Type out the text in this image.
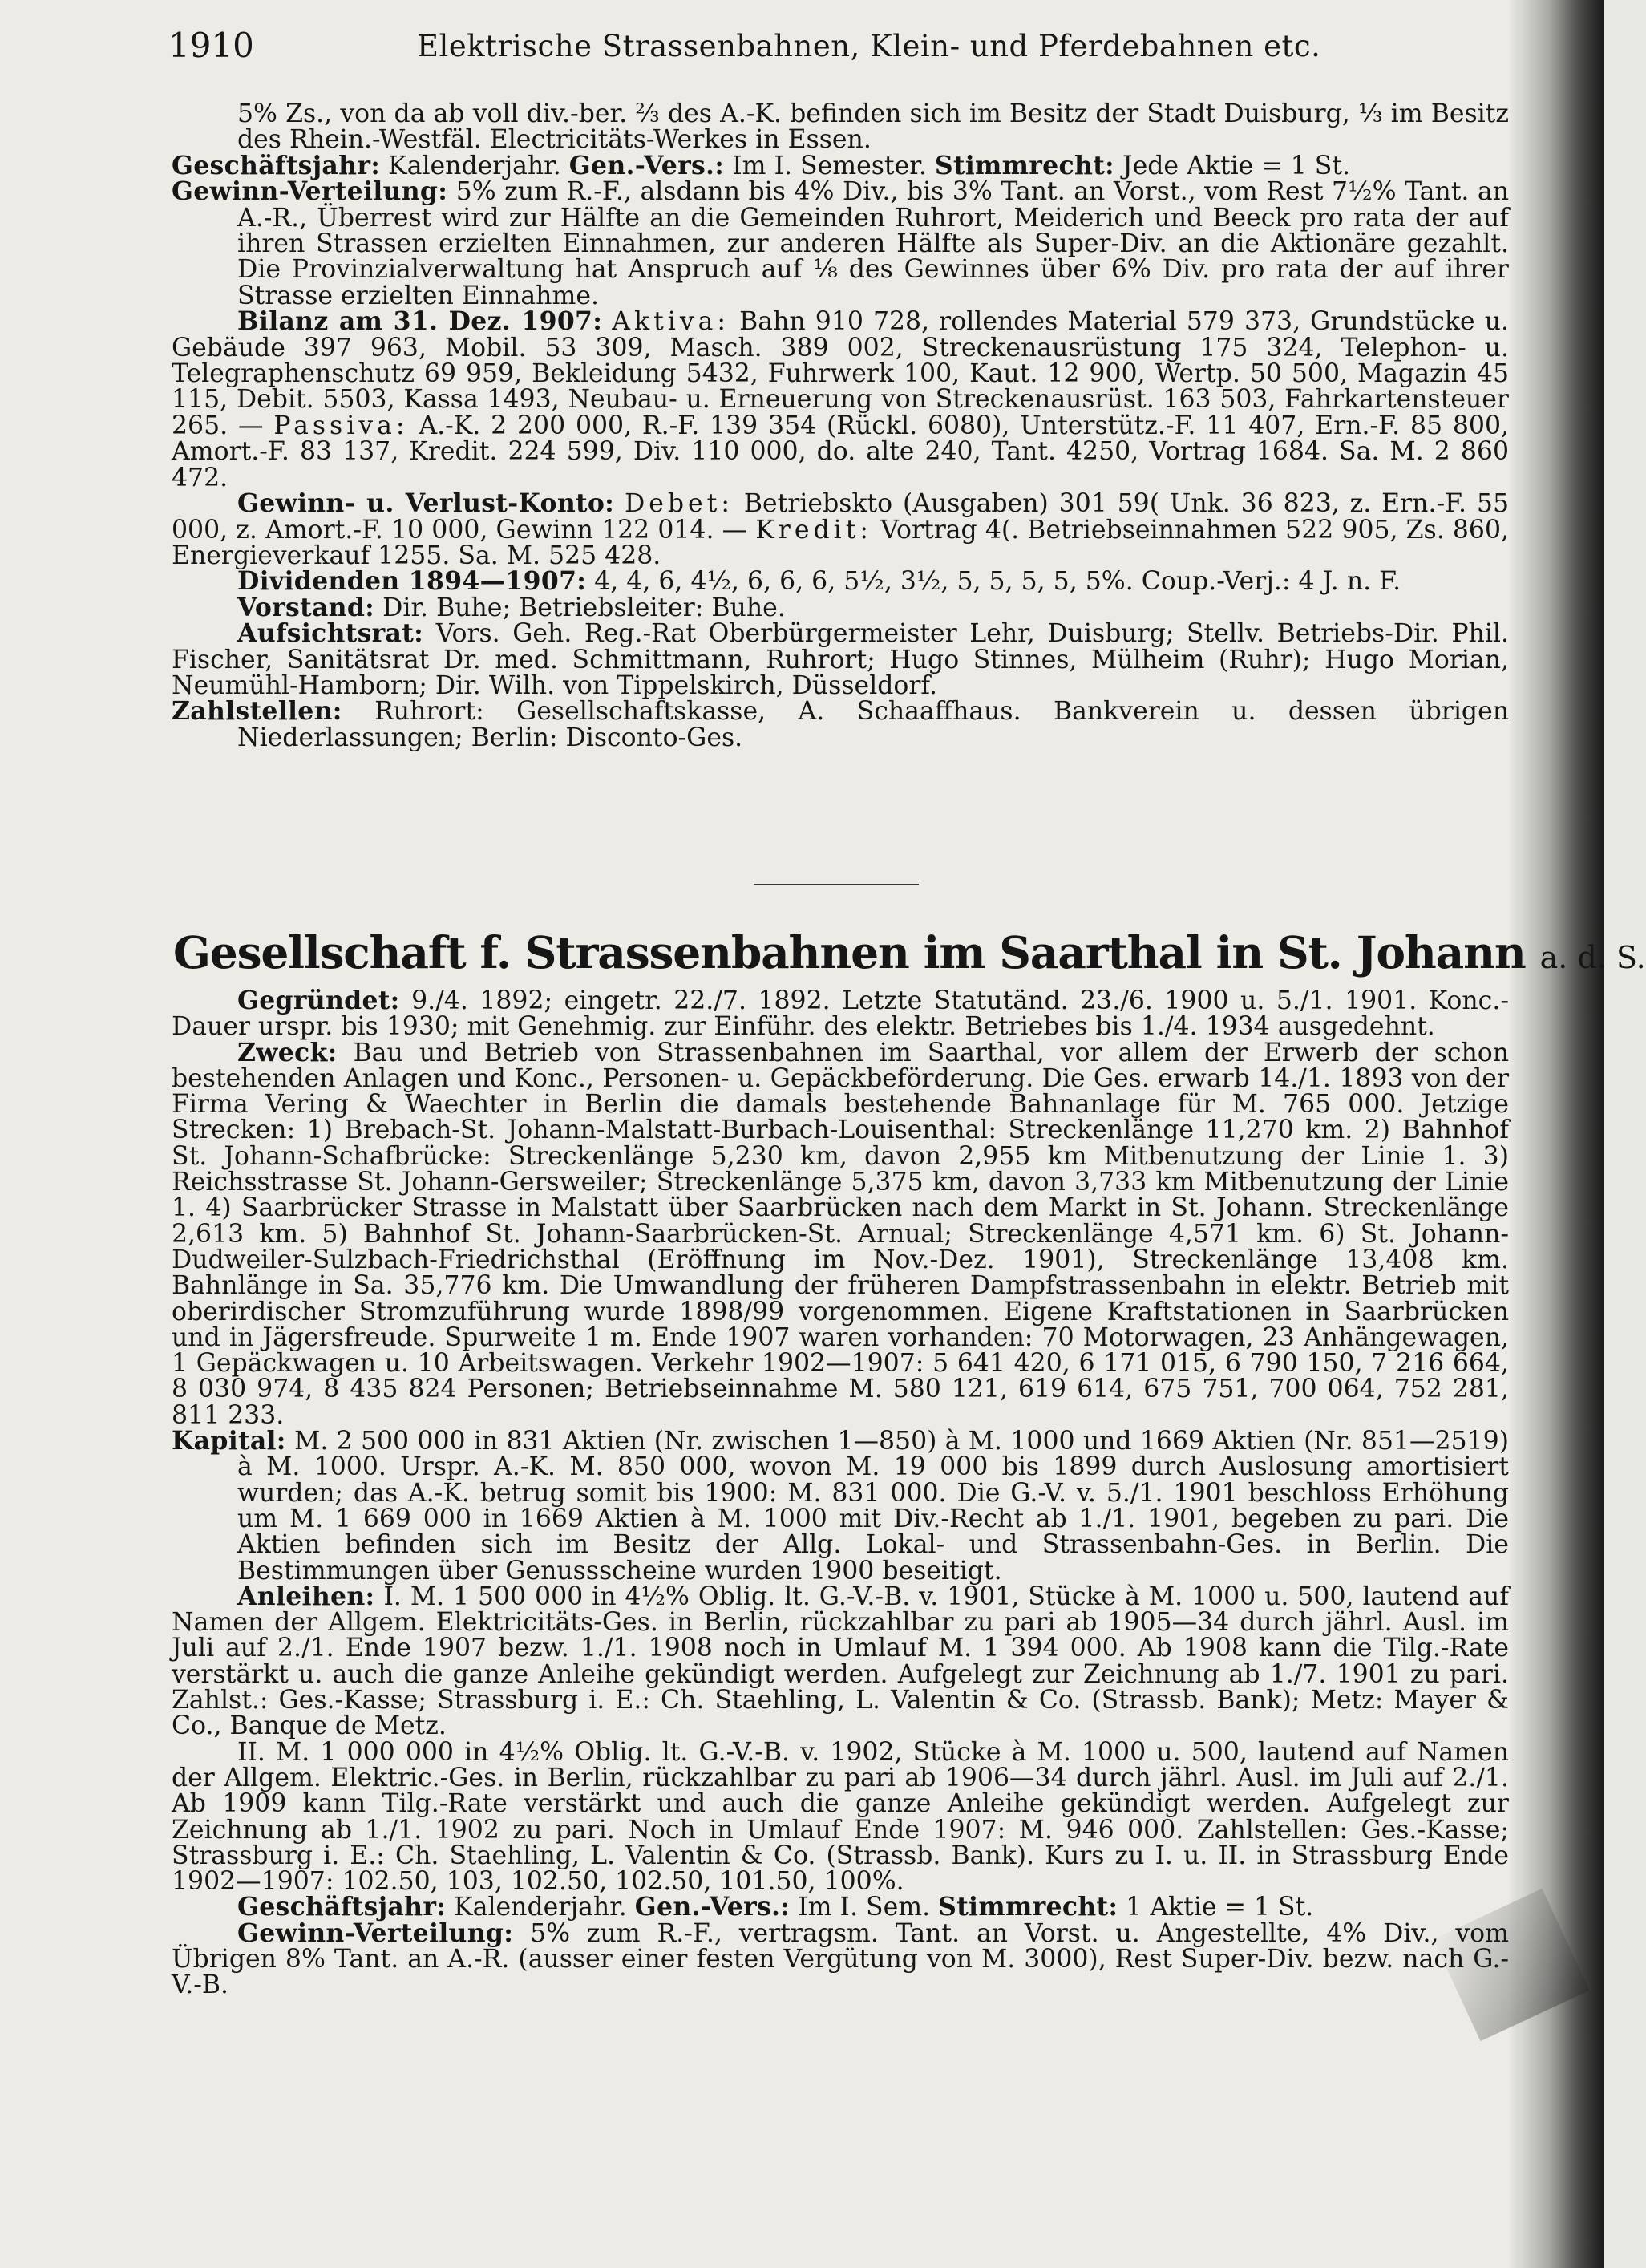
1910	Elektrische Strassenbahnen, Klein- und Pferdebahnen etc.

5% Zs., von da ab voll div.-ber. ⅔ des A.-K. befinden sich im Besitz der Stadt Duisburg, ⅓ im Besitz des Rhein.-Westfäl. Electricitäts-Werkes in Essen.

Geschäftsjahr: Kalenderjahr. Gen.-Vers.: Im I. Semester. Stimmrecht: Jede Aktie = 1 St.

Gewinn-Verteilung: 5% zum R.-F., alsdann bis 4% Div., bis 3% Tant. an Vorst., vom Rest 7½% Tant. an A.-R., Überrest wird zur Hälfte an die Gemeinden Ruhrort, Meiderich und Beeck pro rata der auf ihren Strassen erzielten Einnahmen, zur anderen Hälfte als Super-Div. an die Aktionäre gezahlt. Die Provinzialverwaltung hat Anspruch auf ⅛ des Gewinnes über 6% Div. pro rata der auf ihrer Strasse erzielten Einnahme.

Bilanz am 31. Dez. 1907: Aktiva: Bahn 910 728, rollendes Material 579 373, Grundstücke u. Gebäude 397 963, Mobil. 53 309, Masch. 389 002, Streckenausrüstung 175 324, Telephon- u. Telegraphenschutz 69 959, Bekleidung 5432, Fuhrwerk 100, Kaut. 12 900, Wertp. 50 500, Magazin 45 115, Debit. 5503, Kassa 1493, Neubau- u. Erneuerung von Streckenausrüst. 163 503, Fahrkartensteuer 265. — Passiva: A.-K. 2 200 000, R.-F. 139 354 (Rückl. 6080), Unterstütz.-F. 11 407, Ern.-F. 85 800, Amort.-F. 83 137, Kredit. 224 599, Div. 110 000, do. alte 240, Tant. 4250, Vortrag 1684. Sa. M. 2 860 472.

Gewinn- u. Verlust-Konto: Debet: Betriebskto (Ausgaben) 301 59( Unk. 36 823, z. Ern.-F. 55 000, z. Amort.-F. 10 000, Gewinn 122 014. — Kredit: Vortrag 4(. Betriebseinnahmen 522 905, Zs. 860, Energieverkauf 1255. Sa. M. 525 428.

Dividenden 1894—1907: 4, 4, 6, 4½, 6, 6, 6, 5½, 3½, 5, 5, 5, 5, 5%. Coup.-Verj.: 4 J. n. F.

Vorstand: Dir. Buhe; Betriebsleiter: Buhe.

Aufsichtsrat: Vors. Geh. Reg.-Rat Oberbürgermeister Lehr, Duisburg; Stellv. Betriebs-Dir. Phil. Fischer, Sanitätsrat Dr. med. Schmittmann, Ruhrort; Hugo Stinnes, Mülheim (Ruhr); Hugo Morian, Neumühl-Hamborn; Dir. Wilh. von Tippelskirch, Düsseldorf.

Zahlstellen: Ruhrort: Gesellschaftskasse, A. Schaaffhaus. Bankverein u. dessen übrigen Niederlassungen; Berlin: Disconto-Ges.

Gesellschaft f. Strassenbahnen im Saarthal in St. Johann a. d. S.

Gegründet: 9./4. 1892; eingetr. 22./7. 1892. Letzte Statutänd. 23./6. 1900 u. 5./1. 1901. Konc.-Dauer urspr. bis 1930; mit Genehmig. zur Einführ. des elektr. Betriebes bis 1./4. 1934 ausgedehnt.

Zweck: Bau und Betrieb von Strassenbahnen im Saarthal, vor allem der Erwerb der schon bestehenden Anlagen und Konc., Personen- u. Gepäckbeförderung. Die Ges. erwarb 14./1. 1893 von der Firma Vering & Waechter in Berlin die damals bestehende Bahnanlage für M. 765 000. Jetzige Strecken: 1) Brebach-St. Johann-Malstatt-Burbach-Louisenthal: Streckenlänge 11,270 km. 2) Bahnhof St. Johann-Schafbrücke: Streckenlänge 5,230 km, davon 2,955 km Mitbenutzung der Linie 1. 3) Reichsstrasse St. Johann-Gersweiler; Streckenlänge 5,375 km, davon 3,733 km Mitbenutzung der Linie 1. 4) Saarbrücker Strasse in Malstatt über Saarbrücken nach dem Markt in St. Johann. Streckenlänge 2,613 km. 5) Bahnhof St. Johann-Saarbrücken-St. Arnual; Streckenlänge 4,571 km. 6) St. Johann-Dudweiler-Sulzbach-Friedrichsthal (Eröffnung im Nov.-Dez. 1901), Streckenlänge 13,408 km. Bahnlänge in Sa. 35,776 km. Die Umwandlung der früheren Dampfstrassenbahn in elektr. Betrieb mit oberirdischer Stromzuführung wurde 1898/99 vorgenommen. Eigene Kraftstationen in Saarbrücken und in Jägersfreude. Spurweite 1 m. Ende 1907 waren vorhanden: 70 Motorwagen, 23 Anhängewagen, 1 Gepäckwagen u. 10 Arbeitswagen. Verkehr 1902—1907: 5 641 420, 6 171 015, 6 790 150, 7 216 664, 8 030 974, 8 435 824 Personen; Betriebseinnahme M. 580 121, 619 614, 675 751, 700 064, 752 281, 811 233.

Kapital: M. 2 500 000 in 831 Aktien (Nr. zwischen 1—850) à M. 1000 und 1669 Aktien (Nr. 851—2519) à M. 1000. Urspr. A.-K. M. 850 000, wovon M. 19 000 bis 1899 durch Auslosung amortisiert wurden; das A.-K. betrug somit bis 1900: M. 831 000. Die G.-V. v. 5./1. 1901 beschloss Erhöhung um M. 1 669 000 in 1669 Aktien à M. 1000 mit Div.-Recht ab 1./1. 1901, begeben zu pari. Die Aktien befinden sich im Besitz der Allg. Lokal- und Strassenbahn-Ges. in Berlin. Die Bestimmungen über Genussscheine wurden 1900 beseitigt.

Anleihen: I. M. 1 500 000 in 4½% Oblig. lt. G.-V.-B. v. 1901, Stücke à M. 1000 u. 500, lautend auf Namen der Allgem. Elektricitäts-Ges. in Berlin, rückzahlbar zu pari ab 1905—34 durch jährl. Ausl. im Juli auf 2./1. Ende 1907 bezw. 1./1. 1908 noch in Umlauf M. 1 394 000. Ab 1908 kann die Tilg.-Rate verstärkt u. auch die ganze Anleihe gekündigt werden. Aufgelegt zur Zeichnung ab 1./7. 1901 zu pari. Zahlst.: Ges.-Kasse; Strassburg i. E.: Ch. Staehling, L. Valentin & Co. (Strassb. Bank); Metz: Mayer & Co., Banque de Metz.

II. M. 1 000 000 in 4½% Oblig. lt. G.-V.-B. v. 1902, Stücke à M. 1000 u. 500, lautend auf Namen der Allgem. Elektric.-Ges. in Berlin, rückzahlbar zu pari ab 1906—34 durch jährl. Ausl. im Juli auf 2./1. Ab 1909 kann Tilg.-Rate verstärkt und auch die ganze Anleihe gekündigt werden. Aufgelegt zur Zeichnung ab 1./1. 1902 zu pari. Noch in Umlauf Ende 1907: M. 946 000. Zahlstellen: Ges.-Kasse; Strassburg i. E.: Ch. Staehling, L. Valentin & Co. (Strassb. Bank). Kurs zu I. u. II. in Strassburg Ende 1902—1907: 102.50, 103, 102.50, 102.50, 101.50, 100%.

Geschäftsjahr: Kalenderjahr. Gen.-Vers.: Im I. Sem. Stimmrecht: 1 Aktie = 1 St.

Gewinn-Verteilung: 5% zum R.-F., vertragsm. Tant. an Vorst. u. Angestellte, 4% Div., vom Übrigen 8% Tant. an A.-R. (ausser einer festen Vergütung von M. 3000), Rest Super-Div. bezw. nach G.-V.-B.
